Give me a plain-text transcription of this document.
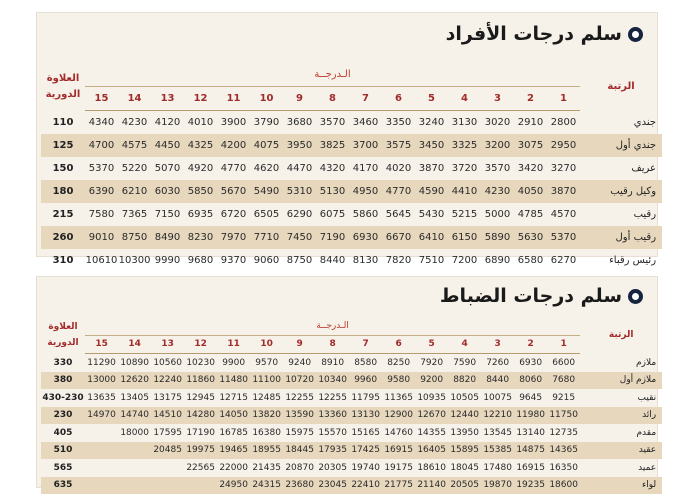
سلم درجات الأفراد
الرتبة	الـدرجــة															العلاوة
الدورية

	1	2	3	4	5	6	7	8	9	10	11	12	13	14	15	
جندي	2800	2910	3020	3130	3240	3350	3460	3570	3680	3790	3900	4010	4120	4230	4340	110
جندي أول	2950	3075	3200	3325	3450	3575	3700	3825	3950	4075	4200	4325	4450	4575	4700	125
عريف	3270	3420	3570	3720	3870	4020	4170	4320	4470	4620	4770	4920	5070	5220	5370	150
وكيل رقيب	3870	4050	4230	4410	4590	4770	4950	5130	5310	5490	5670	5850	6030	6210	6390	180
رقيب	4570	4785	5000	5215	5430	5645	5860	6075	6290	6505	6720	6935	7150	7365	7580	215
رقيب أول	5370	5630	5890	6150	6410	6670	6930	7190	7450	7710	7970	8230	8490	8750	9010	260
رئيس رقباء	6270	6580	6890	7200	7510	7820	8130	8440	8750	9060	9370	9680	9990	10300	10610	310
سلم درجات الضباط
الرتبة	الـدرجــة															العلاوة
الدورية

	1	2	3	4	5	6	7	8	9	10	11	12	13	14	15	
ملازم	6600	6930	7260	7590	7920	8250	8580	8910	9240	9570	9900	10230	10560	10890	11290	330
ملازم أول	7680	8060	8440	8820	9200	9580	9960	10340	10720	11100	11480	11860	12240	12620	13000	380
نقيب	9215	9645	10075	10505	10935	11365	11795	12255	12255	12485	12715	12945	13175	13405	13635	430-230
رائد	11750	11980	12210	12440	12670	12900	13130	13360	13590	13820	14050	14280	14510	14740	14970	230
مقدم	12735	13140	13545	13950	14355	14760	15165	15570	15975	16380	16785	17190	17595	18000		405
عقيد	14365	14875	15385	15895	16405	16915	17425	17935	18445	18955	19465	19975	20485			510
عميد	16350	16915	17480	18045	18610	19175	19740	20305	20870	21435	22000	22565				565
لواء	18600	19235	19870	20505	21140	21775	22410	23045	23680	24315	24950					635
